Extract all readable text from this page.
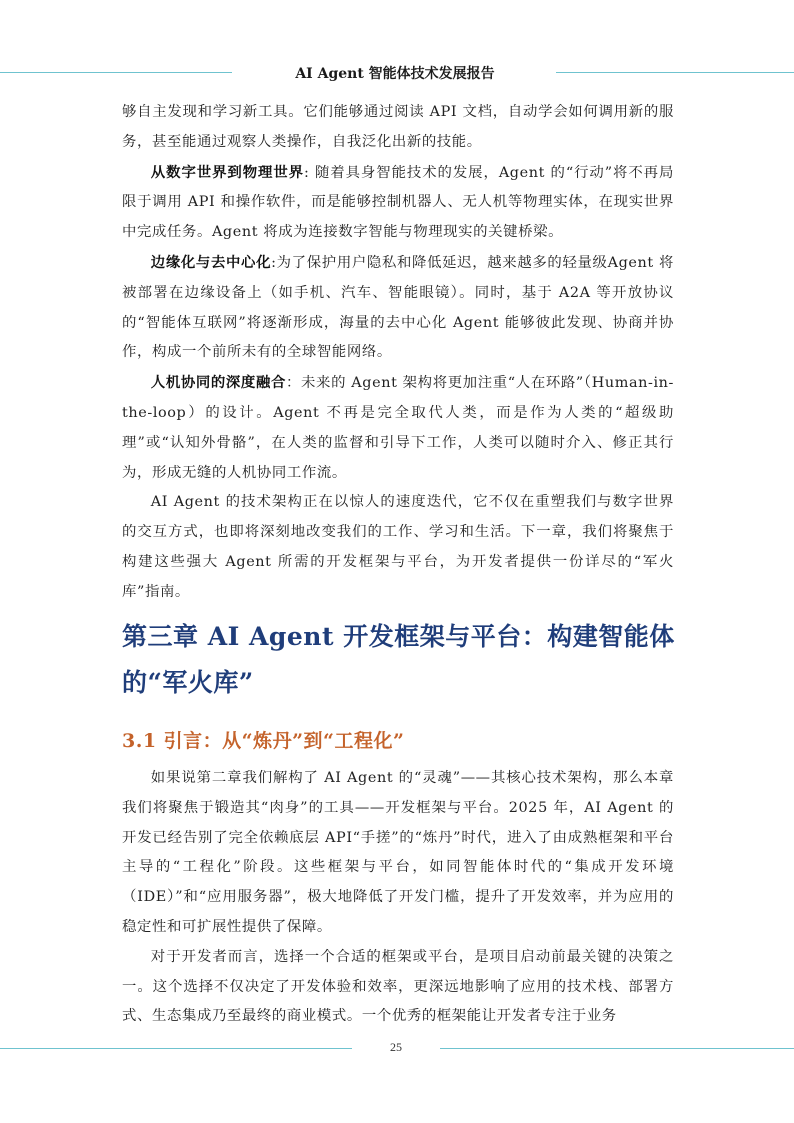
AI Agent 智能体技术发展报告

够自主发现和学习新工具。它们能够通过阅读 API 文档，自动学会如何调用新的服务，甚至能通过观察人类操作，自我泛化出新的技能。

从数字世界到物理世界: 随着具身智能技术的发展，Agent 的“行动”将不再局限于调用 API 和操作软件，而是能够控制机器人、无人机等物理实体，在现实世界中完成任务。Agent 将成为连接数字智能与物理现实的关键桥梁。

边缘化与去中心化:为了保护用户隐私和降低延迟，越来越多的轻量级Agent 将被部署在边缘设备上（如手机、汽车、智能眼镜）。同时，基于 A2A 等开放协议的“智能体互联网”将逐渐形成，海量的去中心化 Agent 能够彼此发现、协商并协作，构成一个前所未有的全球智能网络。

人机协同的深度融合：未来的 Agent 架构将更加注重“人在环路”（Human-in-the-loop）的设计。Agent 不再是完全取代人类，而是作为人类的“超级助理”或“认知外骨骼”，在人类的监督和引导下工作，人类可以随时介入、修正其行为，形成无缝的人机协同工作流。

AI Agent 的技术架构正在以惊人的速度迭代，它不仅在重塑我们与数字世界的交互方式，也即将深刻地改变我们的工作、学习和生活。下一章，我们将聚焦于构建这些强大 Agent 所需的开发框架与平台，为开发者提供一份详尽的“军火库”指南。

第三章 AI Agent 开发框架与平台：构建智能体的“军火库”
3.1 引言：从“炼丹”到“工程化”

如果说第二章我们解构了 AI Agent 的“灵魂”——其核心技术架构，那么本章我们将聚焦于锻造其“肉身”的工具——开发框架与平台。2025 年，AI Agent 的开发已经告别了完全依赖底层 API“手搓”的“炼丹”时代，进入了由成熟框架和平台主导的“工程化”阶段。这些框架与平台，如同智能体时代的“集成开发环境（IDE）”和“应用服务器”，极大地降低了开发门槛，提升了开发效率，并为应用的稳定性和可扩展性提供了保障。

对于开发者而言，选择一个合适的框架或平台，是项目启动前最关键的决策之一。这个选择不仅决定了开发体验和效率，更深远地影响了应用的技术栈、部署方式、生态集成乃至最终的商业模式。一个优秀的框架能让开发者专注于业务

25
